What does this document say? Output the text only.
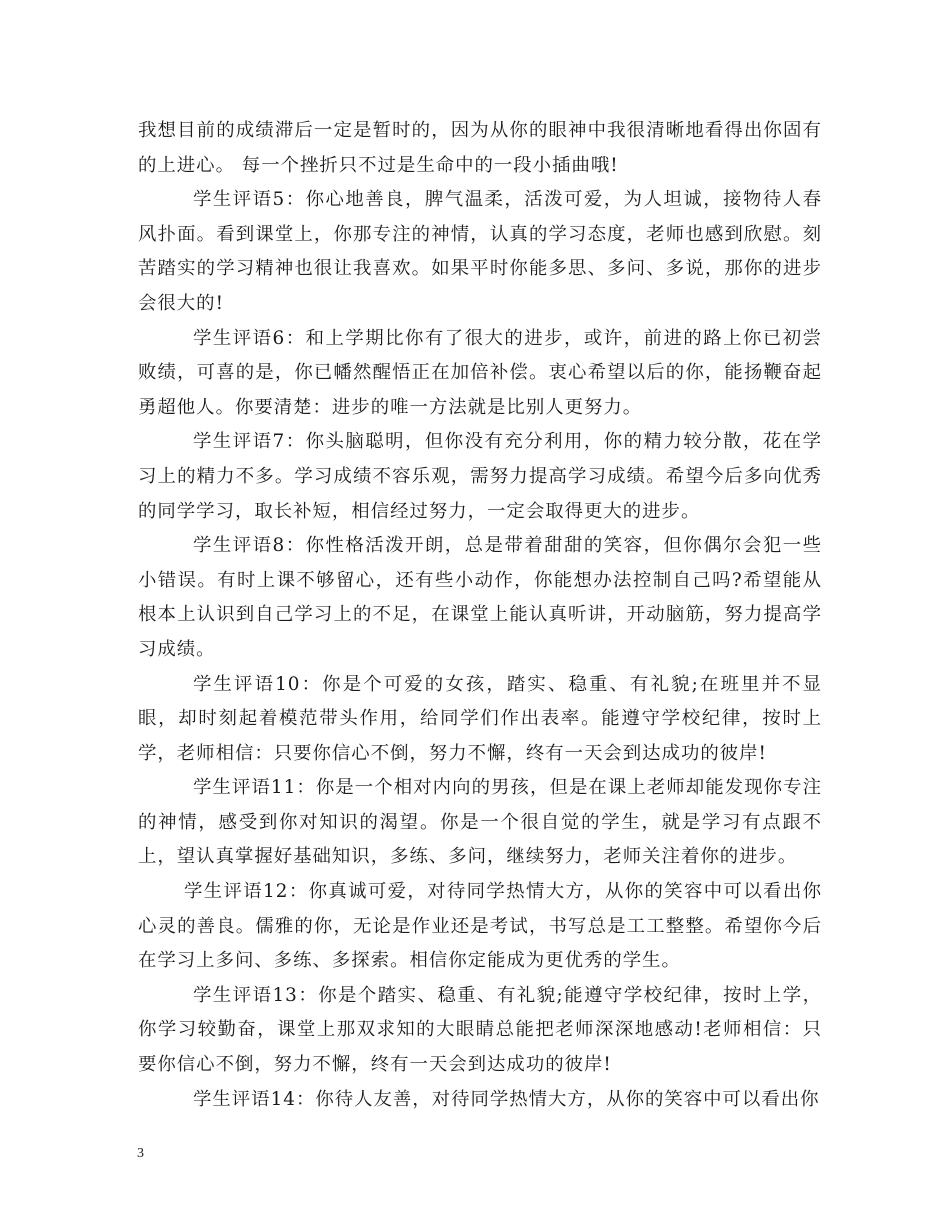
我想目前的成绩滞后一定是暂时的，因为从你的眼神中我很清晰地看得出你固有的上进心。 每一个挫折只不过是生命中的一段小插曲哦!

学生评语5：你心地善良，脾气温柔，活泼可爱，为人坦诚，接物待人春风扑面。看到课堂上，你那专注的神情，认真的学习态度，老师也感到欣慰。刻苦踏实的学习精神也很让我喜欢。如果平时你能多思、多问、多说，那你的进步会很大的!

学生评语6：和上学期比你有了很大的进步，或许，前进的路上你已初尝败绩，可喜的是，你已幡然醒悟正在加倍补偿。衷心希望以后的你，能扬鞭奋起勇超他人。你要清楚：进步的唯一方法就是比别人更努力。

学生评语7：你头脑聪明，但你没有充分利用，你的精力较分散，花在学习上的精力不多。学习成绩不容乐观，需努力提高学习成绩。希望今后多向优秀的同学学习，取长补短，相信经过努力，一定会取得更大的进步。

学生评语8：你性格活泼开朗，总是带着甜甜的笑容，但你偶尔会犯一些小错误。有时上课不够留心，还有些小动作，你能想办法控制自己吗?希望能从根本上认识到自己学习上的不足，在课堂上能认真听讲，开动脑筋，努力提高学习成绩。

学生评语10：你是个可爱的女孩，踏实、稳重、有礼貌;在班里并不显眼，却时刻起着模范带头作用，给同学们作出表率。能遵守学校纪律，按时上学，老师相信：只要你信心不倒，努力不懈，终有一天会到达成功的彼岸!

学生评语11：你是一个相对内向的男孩，但是在课上老师却能发现你专注的神情，感受到你对知识的渴望。你是一个很自觉的学生，就是学习有点跟不上，望认真掌握好基础知识，多练、多问，继续努力，老师关注着你的进步。

学生评语12：你真诚可爱，对待同学热情大方，从你的笑容中可以看出你心灵的善良。儒雅的你，无论是作业还是考试，书写总是工工整整。希望你今后在学习上多问、多练、多探索。相信你定能成为更优秀的学生。

学生评语13：你是个踏实、稳重、有礼貌;能遵守学校纪律，按时上学，你学习较勤奋，课堂上那双求知的大眼睛总能把老师深深地感动!老师相信：只要你信心不倒，努力不懈，终有一天会到达成功的彼岸!

学生评语14：你待人友善，对待同学热情大方，从你的笑容中可以看出你

3
